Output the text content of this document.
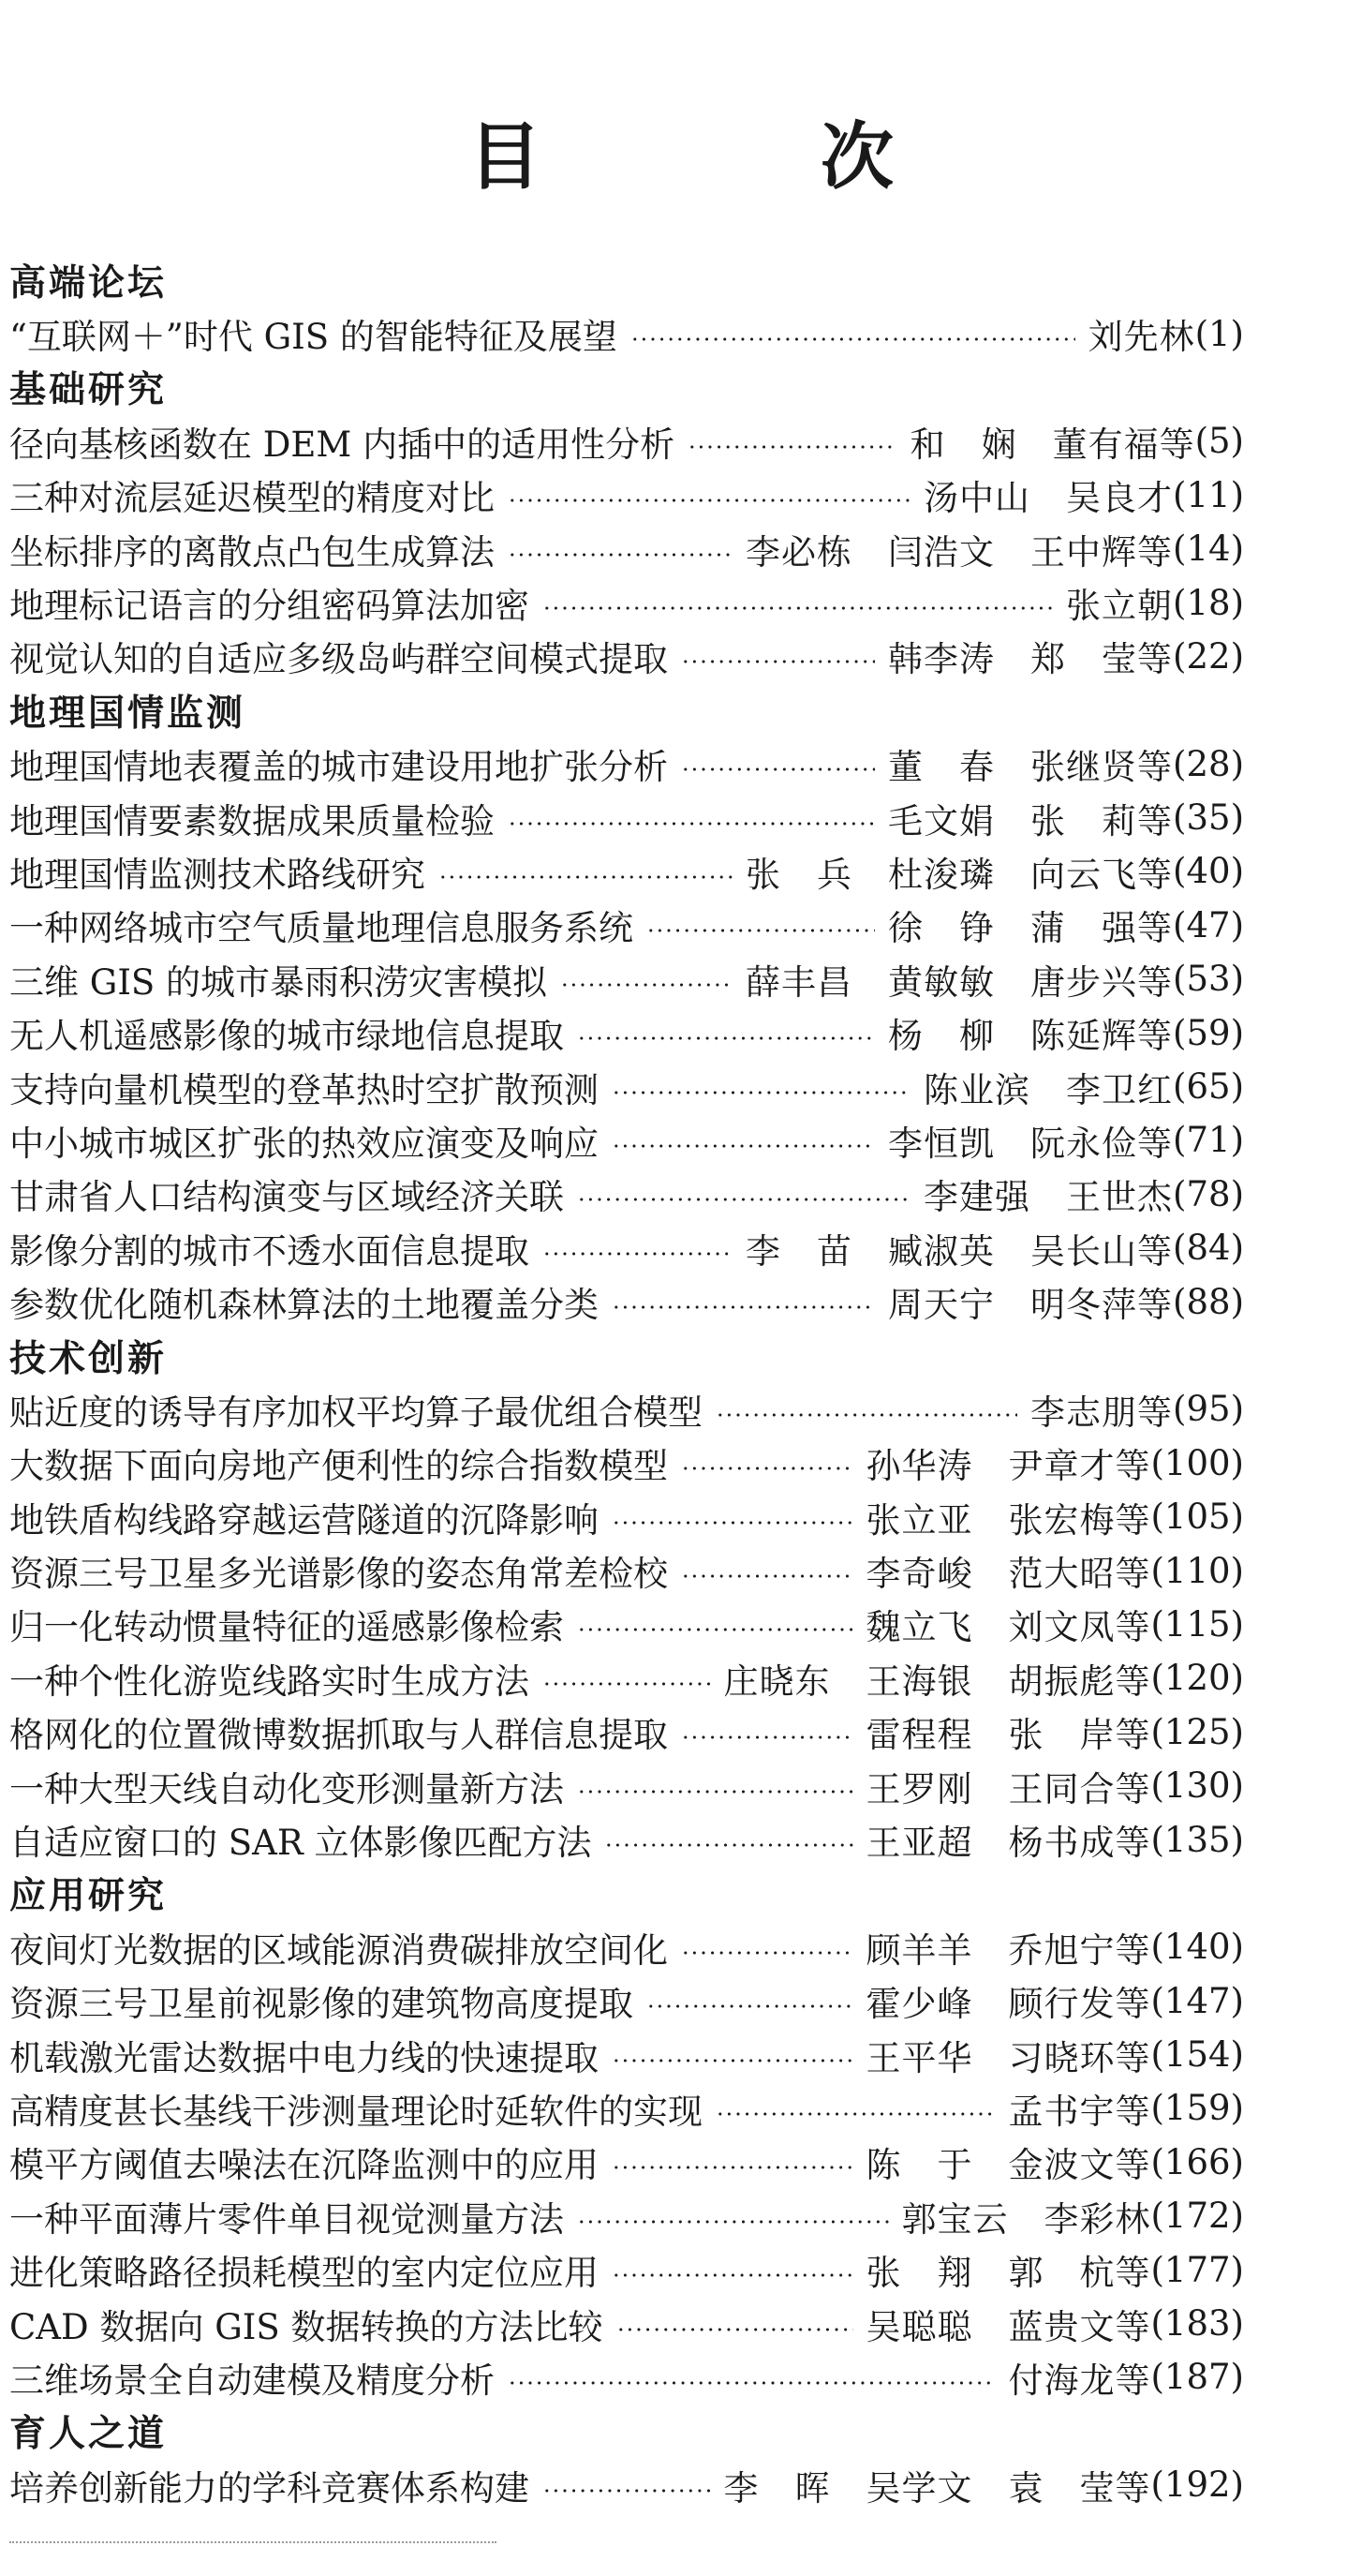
目　次
高端论坛
“互联网＋”时代 GIS 的智能特征及展望	刘先林 (1)
基础研究
径向基核函数在 DEM 内插中的适用性分析	和　娴　董有福等 (5)
三种对流层延迟模型的精度对比	汤中山　吴良才 (11)
坐标排序的离散点凸包生成算法	李必栋　闫浩文　王中辉等 (14)
地理标记语言的分组密码算法加密	张立朝 (18)
视觉认知的自适应多级岛屿群空间模式提取	韩李涛　郑　莹等 (22)
地理国情监测
地理国情地表覆盖的城市建设用地扩张分析	董　春　张继贤等 (28)
地理国情要素数据成果质量检验	毛文娟　张　莉等 (35)
地理国情监测技术路线研究	张　兵　杜浚璘　向云飞等 (40)
一种网络城市空气质量地理信息服务系统	徐　铮　蒲　强等 (47)
三维 GIS 的城市暴雨积涝灾害模拟	薛丰昌　黄敏敏　唐步兴等 (53)
无人机遥感影像的城市绿地信息提取	杨　柳　陈延辉等 (59)
支持向量机模型的登革热时空扩散预测	陈业滨　李卫红 (65)
中小城市城区扩张的热效应演变及响应	李恒凯　阮永俭等 (71)
甘肃省人口结构演变与区域经济关联	李建强　王世杰 (78)
影像分割的城市不透水面信息提取	李　苗　臧淑英　吴长山等 (84)
参数优化随机森林算法的土地覆盖分类	周天宁　明冬萍等 (88)
技术创新
贴近度的诱导有序加权平均算子最优组合模型	李志朋等 (95)
大数据下面向房地产便利性的综合指数模型	孙华涛　尹章才等 (100)
地铁盾构线路穿越运营隧道的沉降影响	张立亚　张宏梅等 (105)
资源三号卫星多光谱影像的姿态角常差检校	李奇峻　范大昭等 (110)
归一化转动惯量特征的遥感影像检索	魏立飞　刘文凤等 (115)
一种个性化游览线路实时生成方法	庄晓东　王海银　胡振彪等 (120)
格网化的位置微博数据抓取与人群信息提取	雷程程　张　岸等 (125)
一种大型天线自动化变形测量新方法	王罗刚　王同合等 (130)
自适应窗口的 SAR 立体影像匹配方法	王亚超　杨书成等 (135)
应用研究
夜间灯光数据的区域能源消费碳排放空间化	顾羊羊　乔旭宁等 (140)
资源三号卫星前视影像的建筑物高度提取	霍少峰　顾行发等 (147)
机载激光雷达数据中电力线的快速提取	王平华　习晓环等 (154)
高精度甚长基线干涉测量理论时延软件的实现	孟书宇等 (159)
模平方阈值去噪法在沉降监测中的应用	陈　于　金波文等 (166)
一种平面薄片零件单目视觉测量方法	郭宝云　李彩林 (172)
进化策略路径损耗模型的室内定位应用	张　翔　郭　杭等 (177)
CAD 数据向 GIS 数据转换的方法比较	吴聪聪　蓝贵文等 (183)
三维场景全自动建模及精度分析	付海龙等 (187)
育人之道
培养创新能力的学科竞赛体系构建	李　晖　吴学文　袁　莹等 (192)
